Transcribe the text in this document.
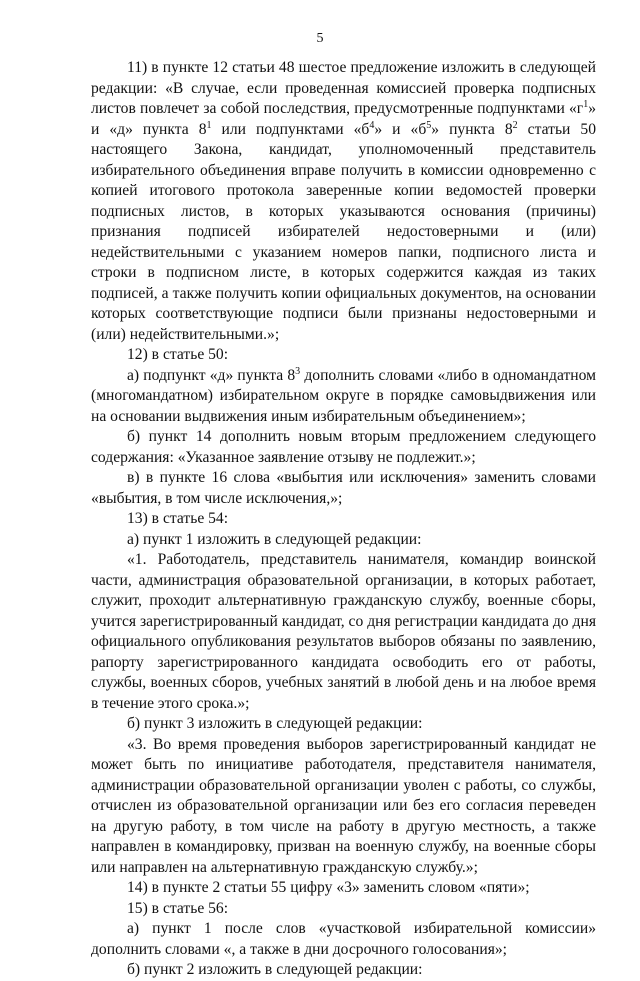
5

11) в пункте 12 статьи 48 шестое предложение изложить в следующей редакции: «В случае, если проведенная комиссией проверка подписных листов повлечет за собой последствия, предусмотренные подпунктами «$г^1$» и «д» пункта $8^1$ или подпунктами «$б^4$» и «$б^5$» пункта $8^2$ статьи 50 настоящего Закона, кандидат, уполномоченный представитель избирательного объединения вправе получить в комиссии одновременно с копией итогового протокола заверенные копии ведомостей проверки подписных листов, в которых указываются основания (причины) признания подписей избирателей недостоверными и (или) недействительными с указанием номеров папки, подписного листа и строки в подписном листе, в которых содержится каждая из таких подписей, а также получить копии официальных документов, на основании которых соответствующие подписи были признаны недостоверными и (или) недействительными.»;

12) в статье 50:

а) подпункт «д» пункта $8^3$ дополнить словами «либо в одномандатном (многомандатном) избирательном округе в порядке самовыдвижения или на основании выдвижения иным избирательным объединением»;

б) пункт 14 дополнить новым вторым предложением следующего содержания: «Указанное заявление отзыву не подлежит.»;

в) в пункте 16 слова «выбытия или исключения» заменить словами «выбытия, в том числе исключения,»;

13) в статье 54:

а) пункт 1 изложить в следующей редакции:

«1. Работодатель, представитель нанимателя, командир воинской части, администрация образовательной организации, в которых работает, служит, проходит альтернативную гражданскую службу, военные сборы, учится зарегистрированный кандидат, со дня регистрации кандидата до дня официального опубликования результатов выборов обязаны по заявлению, рапорту зарегистрированного кандидата освободить его от работы, службы, военных сборов, учебных занятий в любой день и на любое время в течение этого срока.»;

б) пункт 3 изложить в следующей редакции:

«3. Во время проведения выборов зарегистрированный кандидат не может быть по инициативе работодателя, представителя нанимателя, администрации образовательной организации уволен с работы, со службы, отчислен из образовательной организации или без его согласия переведен на другую работу, в том числе на работу в другую местность, а также направлен в командировку, призван на военную службу, на военные сборы или направлен на альтернативную гражданскую службу.»;

14) в пункте 2 статьи 55 цифру «3» заменить словом «пяти»;

15) в статье 56:

а) пункт 1 после слов «участковой избирательной комиссии» дополнить словами «, а также в дни досрочного голосования»;

б) пункт 2 изложить в следующей редакции:
